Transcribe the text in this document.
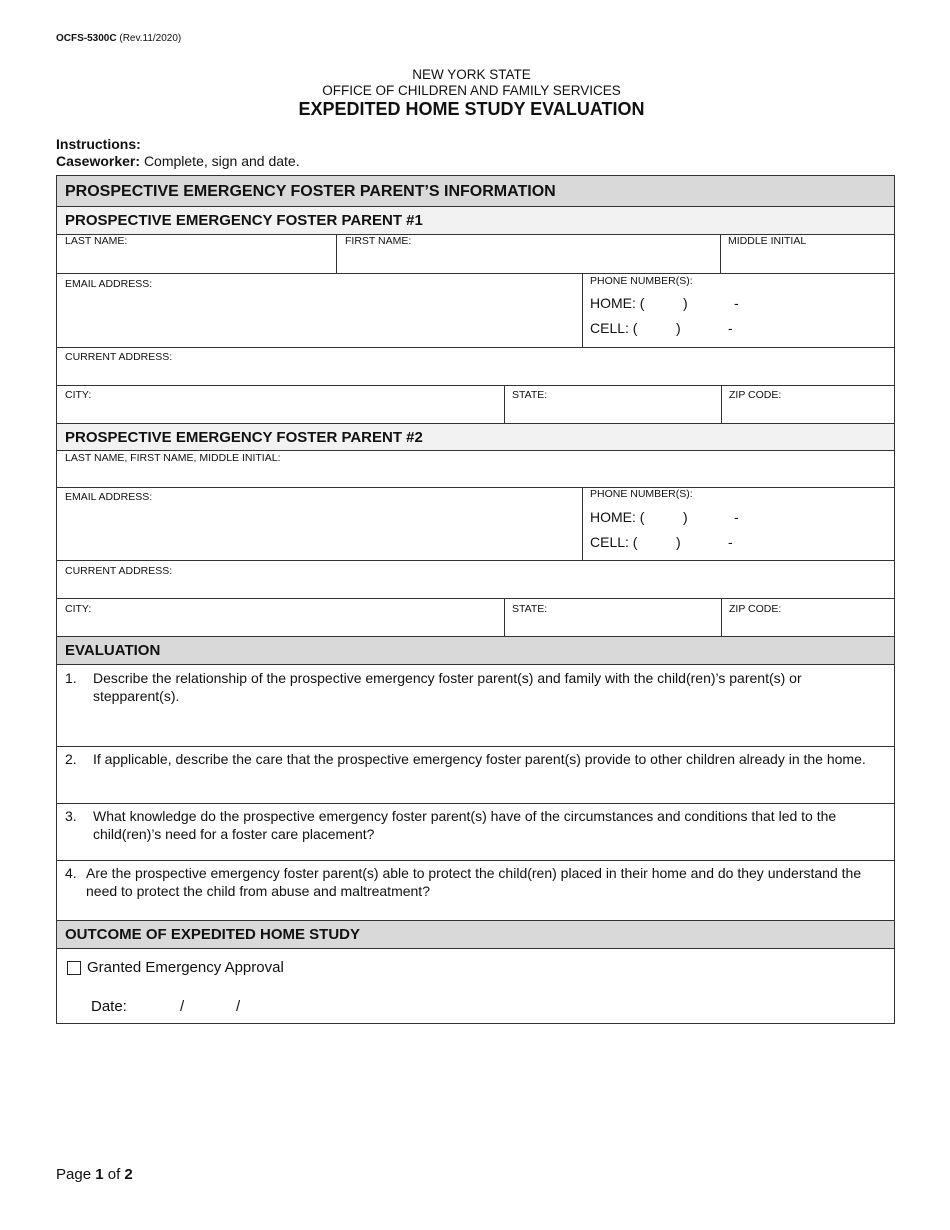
OCFS-5300C (Rev.11/2020)
NEW YORK STATE
OFFICE OF CHILDREN AND FAMILY SERVICES
EXPEDITED HOME STUDY EVALUATION
Instructions:
Caseworker: Complete, sign and date.
PROSPECTIVE EMERGENCY FOSTER PARENT’S INFORMATION
PROSPECTIVE EMERGENCY FOSTER PARENT #1
LAST NAME:	FIRST NAME:	MIDDLE INITIAL
EMAIL ADDRESS:	PHONE NUMBER(S):
HOME: (	)	-
CELL: (	)	-
CURRENT ADDRESS:
CITY:	STATE:	ZIP CODE:
PROSPECTIVE EMERGENCY FOSTER PARENT #2
LAST NAME, FIRST NAME, MIDDLE INITIAL:
EMAIL ADDRESS:	PHONE NUMBER(S):
HOME: (	)	-
CELL: (	)	-
CURRENT ADDRESS:
CITY:	STATE:	ZIP CODE:
EVALUATION
1.	Describe the relationship of the prospective emergency foster parent(s) and family with the child(ren)’s parent(s) or stepparent(s).
2.	If applicable, describe the care that the prospective emergency foster parent(s) provide to other children already in the home.
3.	What knowledge do the prospective emergency foster parent(s) have of the circumstances and conditions that led to the child(ren)’s need for a foster care placement?
4. Are the prospective emergency foster parent(s) able to protect the child(ren) placed in their home and do they understand the need to protect the child from abuse and maltreatment?
OUTCOME OF EXPEDITED HOME STUDY
Granted Emergency Approval
Date:	/	/
Page 1 of 2
